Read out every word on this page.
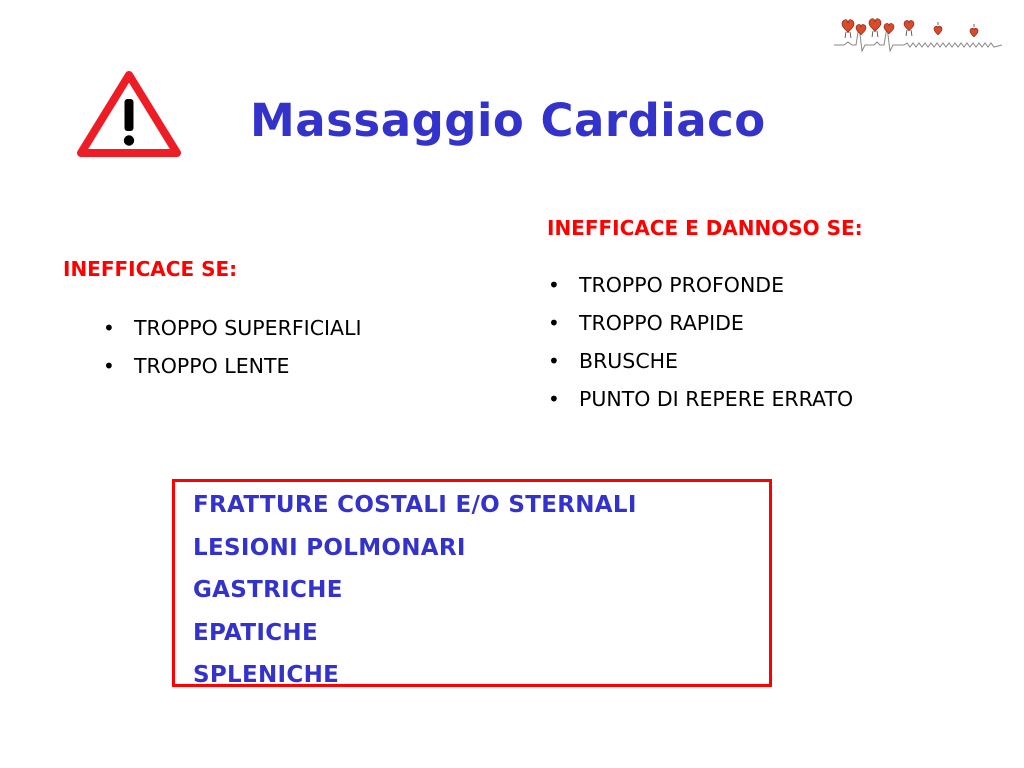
Massaggio Cardiaco
INEFFICACE SE:
• TROPPO SUPERFICIALI
• TROPPO LENTE
INEFFICACE E DANNOSO SE:
• TROPPO PROFONDE
• TROPPO RAPIDE
• BRUSCHE
• PUNTO DI REPERE ERRATO
FRATTURE COSTALI E/O STERNALI
LESIONI POLMONARI
GASTRICHE
EPATICHE
SPLENICHE
